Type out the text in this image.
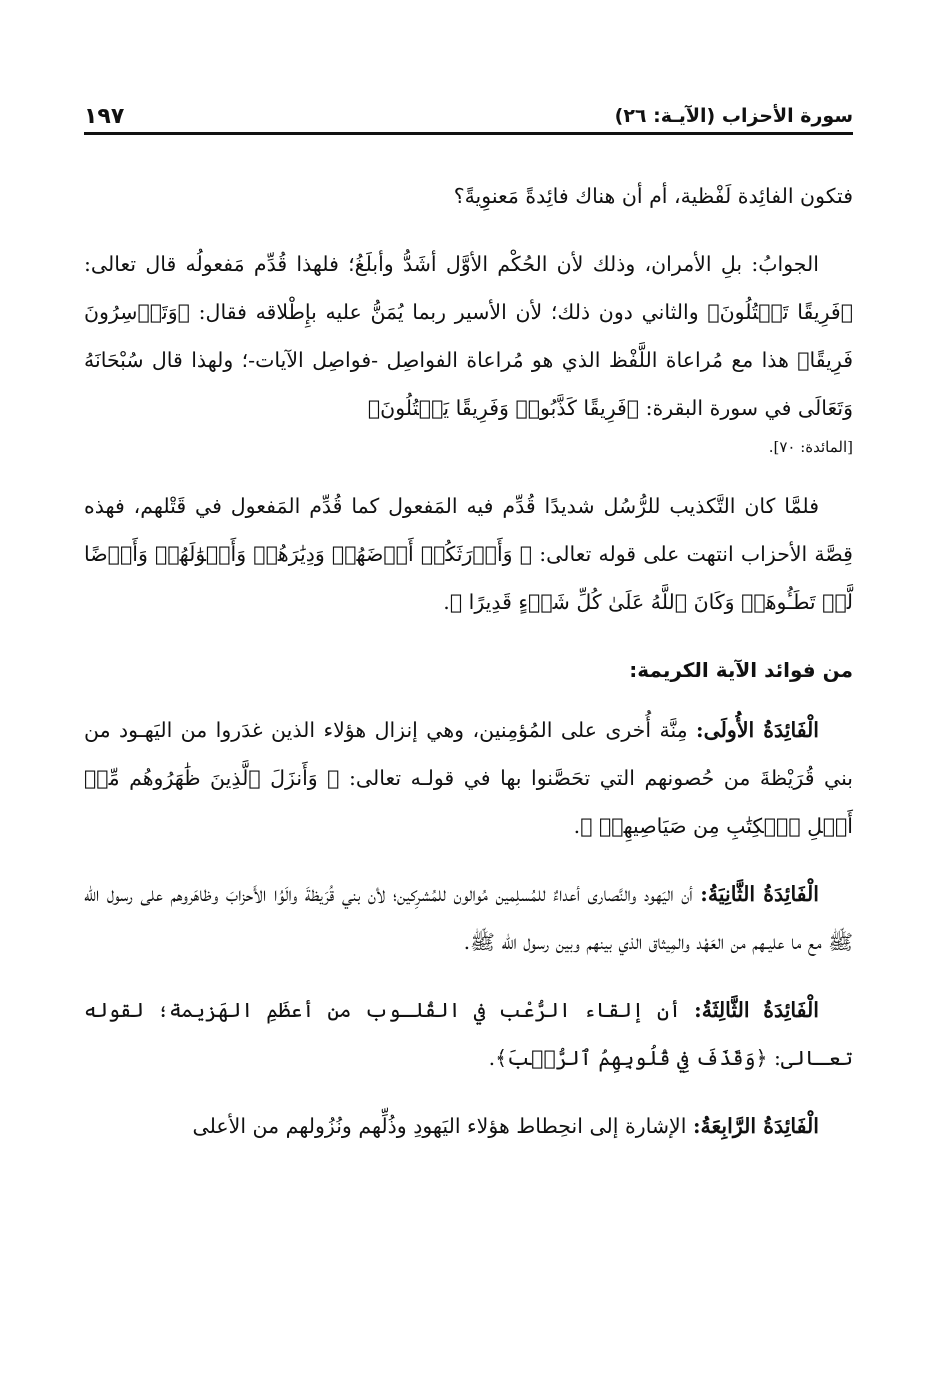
سورة الأحزاب (الآيـة: ٢٦)
١٩٧

فتكون الفائِدة لَفْظية، أم أن هناك فائِدةً مَعنوِيةً؟

الجوابُ: بلِ الأمران، وذلك لأن الحُكْم الأوَّل أشَدُّ وأبلَغُ؛ فلهذا قُدِّم مَفعولُه قال تعالى: ﴿فَرِيقًا تَقۡتُلُونَ﴾ والثاني دون ذلك؛ لأن الأسير ربما يُمَنُّ عليه بإِطْلاقه فقال: ﴿وَتَأۡسِرُونَ فَرِيقًا﴾ هذا مع مُراعاة اللَّفْظ الذي هو مُراعاة الفواصِل -فواصِل الآيات-؛ ولهذا قال سُبْحَانَهُ وَتَعَالَى في سورة البقرة: ﴿فَرِيقًا كَذَّبُوا۟ وَفَرِيقًا يَقۡتُلُونَ﴾

[المائدة: ٧٠].

فلمَّا كان التَّكذيب للرُّسُل شديدًا قُدِّم فيه المَفعول كما قُدِّم المَفعول في قَتْلهم، فهذه قِصَّة الأحزاب انتهت على قوله تعالى: ﴿ وَأَوۡرَثَكُمۡ أَرۡضَهُمۡ وَدِيَٰرَهُمۡ وَأَمۡوَٰلَهُمۡ وَأَرۡضًا لَّمۡ تَطَـُٔوهَاۚ وَكَانَ ٱللَّهُ عَلَىٰ كُلِّ شَيۡءٍ قَدِيرًا ﴾.

من فوائد الآية الكريمة:

الْفَائِدَةُ الأُولَى: مِنَّة أُخرى على المُؤمِنين، وهي إنزال هؤلاء الذين غدَروا من اليَهـود من بني قُرَيْظةَ من حُصونهم التي تحَصَّنوا بها في قولـه تعالى: ﴿ وَأَنزَلَ ٱلَّذِينَ ظَٰهَرُوهُم مِّنۡ أَهۡلِ ٱلۡكِتَٰبِ مِن صَيَاصِيهِمۡ ﴾.

الْفَائِدَةُ الثَّانِيَةُ: أن اليَهود والنَّصارى أعداءٌ للمُسلِمين مُوالون للمُشرِكين؛ لأن بني قُرَيظةَ والَوُا الأَحزابَ وظاهَروهم على رسول الله ﷺ مع ما عليـهم من العَهْد والمِيثاق الذي بينهم وبين رسول الله ﷺ.

الْفَائِدَةُ الثَّالِثَةُ: أن إلقاء الرُّعْب في القُلـوب من أعظَمِ الهَزيمة؛ لقوله تعـالى: ﴿وَقَذَفَ فِي قُلُوبِهِمُ ٱلرُّعۡبَ﴾.

الْفَائِدَةُ الرَّابِعَةُ: الإشارة إلى انحِطاط هؤلاء اليَهودِ وذُلِّهم ونُزُولهم من الأعلى
